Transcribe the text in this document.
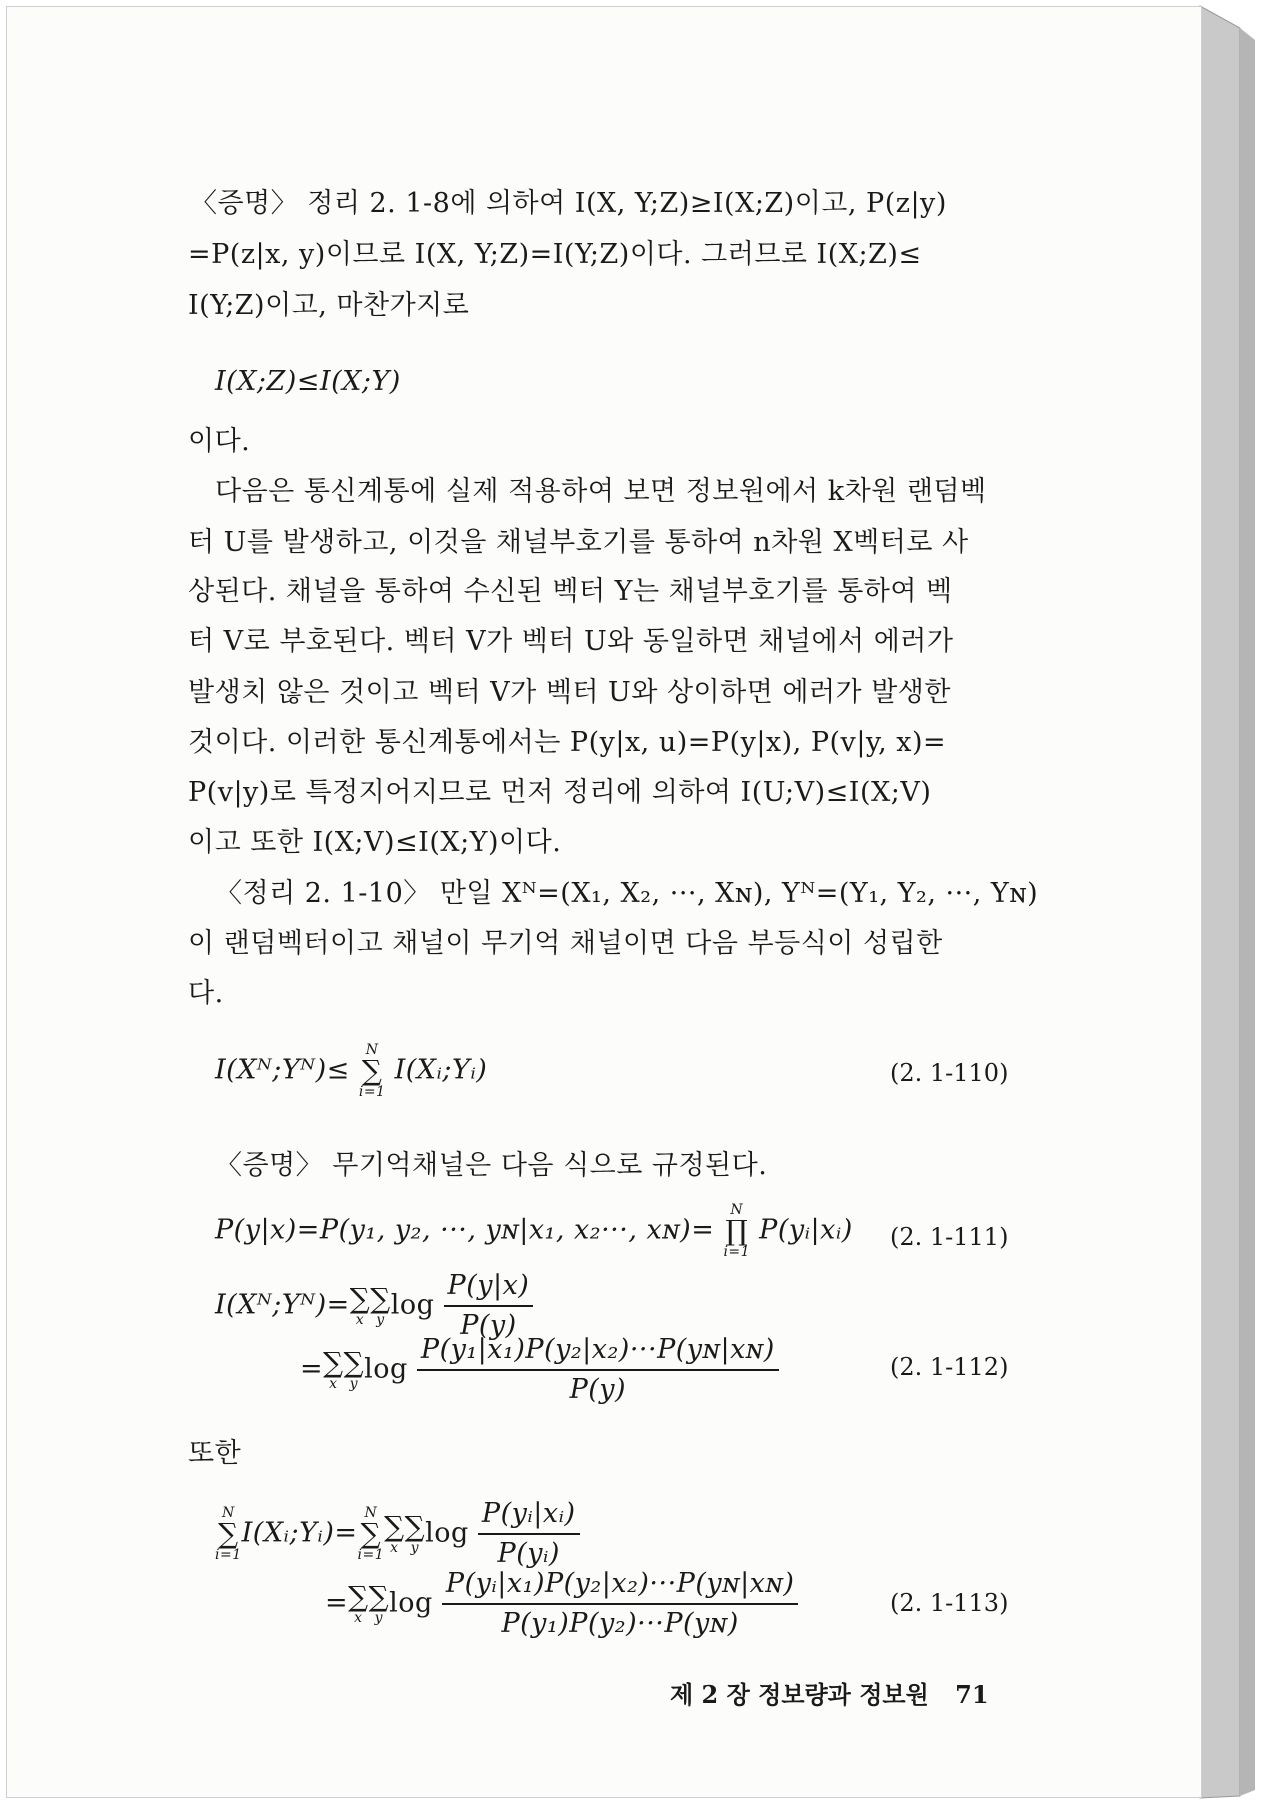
〈증명〉 정리 2. 1-8에 의하여 I(X, Y;Z)≥I(X;Z)이고, P(z|y)
=P(z|x, y)이므로 I(X, Y;Z)=I(Y;Z)이다. 그러므로 I(X;Z)≤
I(Y;Z)이고, 마찬가지로
I(X;Z)≤I(X;Y)
이다.
다음은 통신계통에 실제 적용하여 보면 정보원에서 k차원 랜덤벡
터 U를 발생하고, 이것을 채널부호기를 통하여 n차원 X벡터로 사
상된다. 채널을 통하여 수신된 벡터 Y는 채널부호기를 통하여 벡
터 V로 부호된다. 벡터 V가 벡터 U와 동일하면 채널에서 에러가
발생치 않은 것이고 벡터 V가 벡터 U와 상이하면 에러가 발생한
것이다. 이러한 통신계통에서는 P(y|x, u)=P(y|x), P(v|y, x)=
P(v|y)로 특정지어지므로 먼저 정리에 의하여 I(U;V)≤I(X;V)
이고 또한 I(X;V)≤I(X;Y)이다.
〈정리 2. 1-10〉 만일 Xᴺ=(X₁, X₂, ···, Xɴ), Yᴺ=(Y₁, Y₂, ···, Yɴ)
이 랜덤벡터이고 채널이 무기억 채널이면 다음 부등식이 성립한
다.
I(Xᴺ;Yᴺ)≤
N
∑
i=1
I(Xᵢ;Yᵢ)	(2. 1-110)
〈증명〉 무기억채널은 다음 식으로 규정된다.
P(y|x)=P(y₁, y₂, ···, yɴ|x₁, x₂···, xɴ)=
N
∏
i=1
P(yᵢ|xᵢ) (2. 1-111)
I(Xᴺ;Yᴺ)= ∑
x
∑
y $\log \frac{P(y|x)}{P(y)}$
= ∑
x
∑
y $\log \frac{\text{P(y₁|x₁)P(y₂|x₂)···P(yɴ|xɴ)}}{P(y)}$	(2. 1-112)
또한
N
∑
i=1
I(Xᵢ;Yᵢ)=
N
∑
i=1
∑
x
∑
y $\log \frac{\text{P(yᵢ|xᵢ)}}{\text{P(yᵢ)}}$
= ∑
x
∑
y $\log \frac{\text{P(yᵢ|x₁)P(y₂|x₂)···P(yɴ|xɴ)}}{\text{P(y₁)P(y₂)···P(yɴ)}}$	(2. 1-113)
제 2 장 정보량과 정보원 71
